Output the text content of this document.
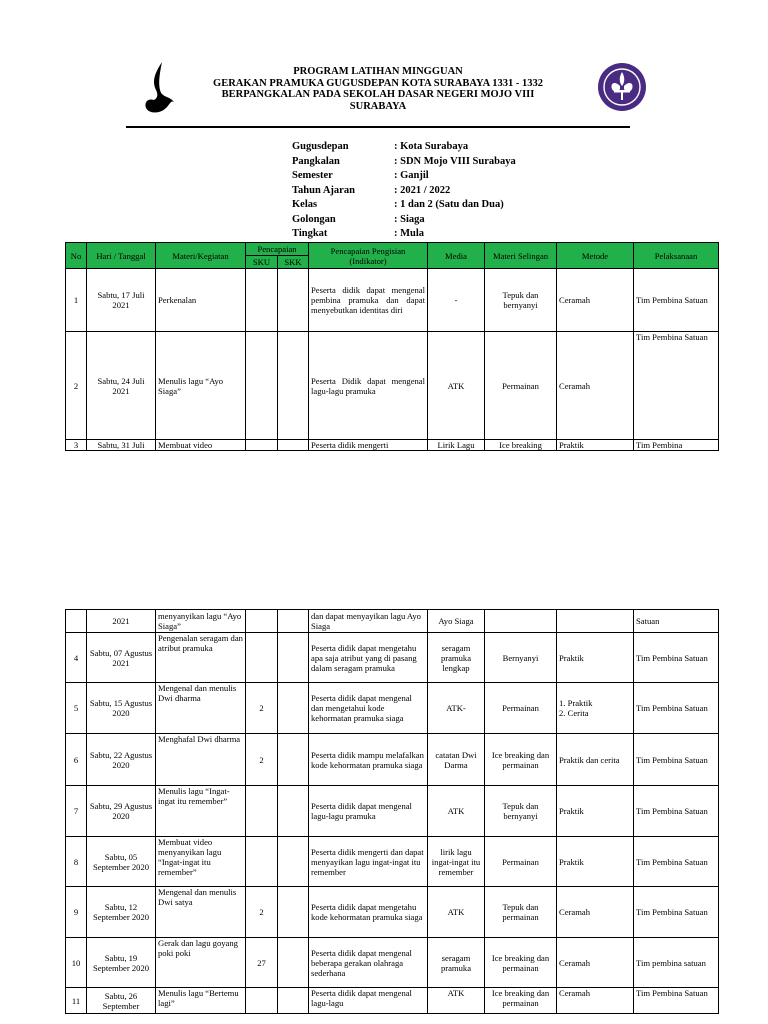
PROGRAM LATIHAN MINGGUAN
GERAKAN PRAMUKA GUGUSDEPAN KOTA SURABAYA 1331 - 1332
BERPANGKALAN PADA SEKOLAH DASAR NEGERI MOJO VIII
SURABAYA
Gugusdepan	: Kota Surabaya
Pangkalan	: SDN Mojo VIII Surabaya
Semester	: Ganjil
Tahun Ajaran	: 2021 / 2022
Kelas	: 1 dan 2 (Satu dan Dua)
Golongan	: Siaga
Tingkat	: Mula
No	Hari / Tanggal	Materi/Kegiatan	Pencapaian		Pencapaian Pengisian (Indikator)	Media	Materi Selingan	Metode	Pelaksanaan
			SKU	SKK					
1	Sabtu, 17 Juli 2021	Perkenalan			Peserta didik dapat mengenal pembina pramuka dan dapat menyebutkan identitas diri	-	Tepuk dan bernyanyi	Ceramah	Tim Pembina Satuan
2	Sabtu, 24 Juli 2021	Menulis lagu “Ayo Siaga”			Peserta Didik dapat mengenal lagu-lagu pramuka	ATK	Permainan	Ceramah	Tim Pembina Satuan
3	Sabtu, 31 Juli	Membuat video			Peserta didik mengerti	Lirik Lagu	Ice breaking	Praktik	Tim Pembina
	2021	menyanyikan lagu “Ayo Siaga”			dan dapat menyayikan lagu Ayo Siaga	Ayo Siaga			Satuan
4	Sabtu, 07 Agustus 2021	Pengenalan seragam dan atribut pramuka			Peserta didik dapat mengetahu apa saja atribut yang di pasang dalam seragam pramuka	seragam pramuka lengkap	Bernyanyi	Praktik	Tim Pembina Satuan
5	Sabtu, 15 Agustus 2020	Mengenal dan menulis Dwi dharma	2		Peserta didik dapat mengenal dan mengetahui kode kehormatan pramuka siaga	ATK-	Permainan	1. Praktik
2. Cerita	Tim Pembina Satuan
6	Sabtu, 22 Agustus 2020	Menghafal Dwi dharma	2		Peserta didik mampu melafalkan kode kehormatan pramuka siaga	catatan Dwi Darma	Ice breaking dan permainan	Praktik dan cerita	Tim Pembina Satuan
7	Sabtu, 29 Agustus 2020	Menulis lagu “Ingat-ingat itu remember”			Peserta didik dapat mengenal lagu-lagu pramuka	ATK	Tepuk dan bernyanyi	Praktik	Tim Pembina Satuan
8	Sabtu, 05 September 2020	Membuat video menyanyikan lagu “Ingat-ingat itu remember”			Peserta didik mengerti dan dapat menyayikan lagu ingat-ingat itu remember	lirik lagu ingat-ingat itu remember	Permainan	Praktik	Tim Pembina Satuan
9	Sabtu, 12 September 2020	Mengenal dan menulis Dwi satya	2		Peserta didik dapat mengetahu kode kehormatan pramuka siaga	ATK	Tepuk dan permainan	Ceramah	Tim Pembina Satuan
10	Sabtu, 19 September 2020	Gerak dan lagu goyang poki poki	27		Peserta didik dapat mengenal beberapa gerakan olahraga sederhana	seragam pramuka	Ice breaking dan permainan	Ceramah	Tim pembina satuan
11	Sabtu, 26 September	Menulis lagu “Bertemu lagi”			Peserta didik dapat mengenal lagu-lagu	ATK	Ice breaking dan permainan	Ceramah	Tim Pembina Satuan
